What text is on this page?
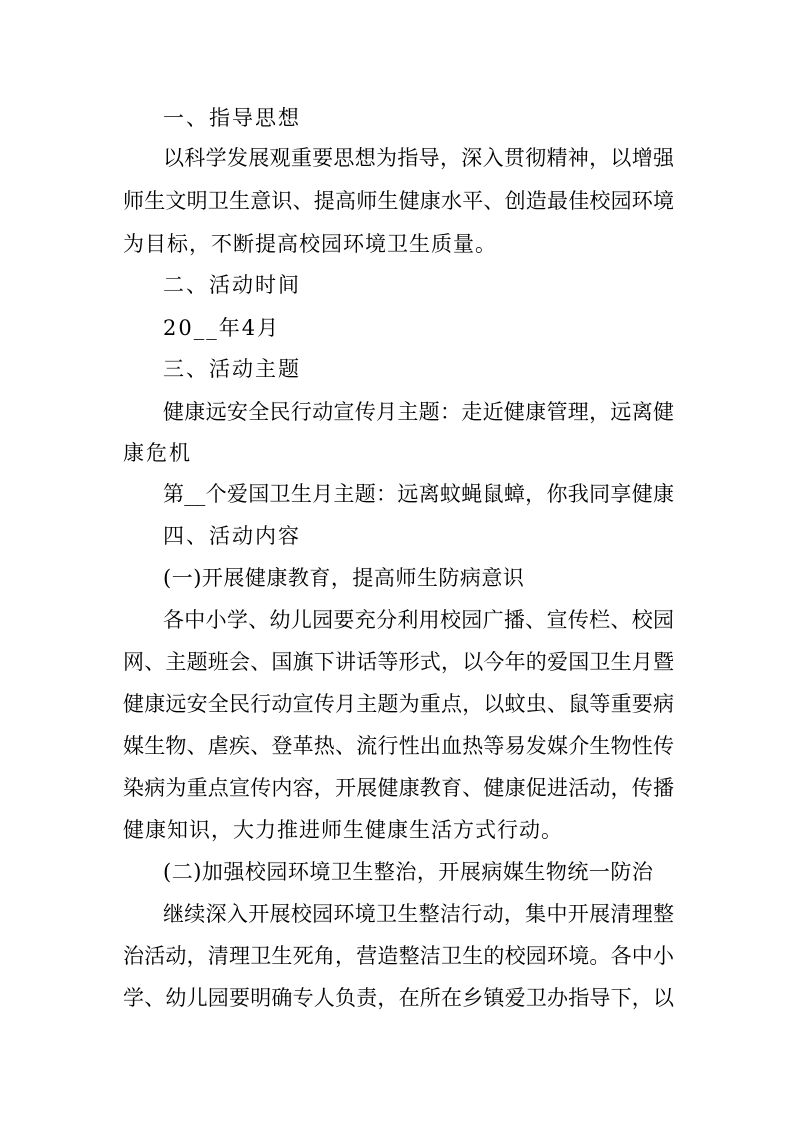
一、指导思想
以科学发展观重要思想为指导，深入贯彻精神，以增强
师生文明卫生意识、提高师生健康水平、创造最佳校园环境
为目标，不断提高校园环境卫生质量。
二、活动时间
20__年4月
三、活动主题
健康远安全民行动宣传月主题：走近健康管理，远离健
康危机
第__个爱国卫生月主题：远离蚊蝇鼠蟑，你我同享健康
四、活动内容
(一)开展健康教育，提高师生防病意识
各中小学、幼儿园要充分利用校园广播、宣传栏、校园
网、主题班会、国旗下讲话等形式，以今年的爱国卫生月暨
健康远安全民行动宣传月主题为重点，以蚊虫、鼠等重要病
媒生物、虐疾、登革热、流行性出血热等易发媒介生物性传
染病为重点宣传内容，开展健康教育、健康促进活动，传播
健康知识，大力推进师生健康生活方式行动。
(二)加强校园环境卫生整治，开展病媒生物统一防治
继续深入开展校园环境卫生整洁行动，集中开展清理整
治活动，清理卫生死角，营造整洁卫生的校园环境。各中小
学、幼儿园要明确专人负责，在所在乡镇爱卫办指导下，以
